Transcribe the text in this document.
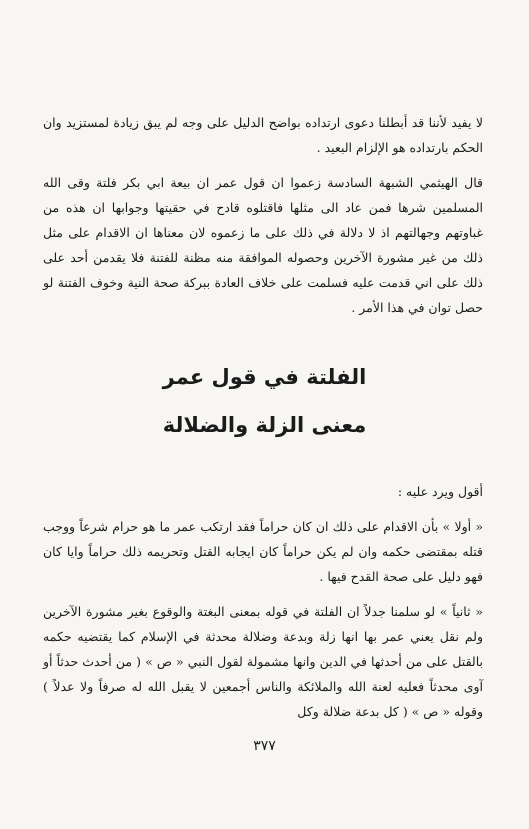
لا يفيد لأننا قد أبطلنا دعوى ارتداده بواضح الدليل على وجه لم يبق زيادة لمستزيد وان الحكم بارتداده هو الإلزام البعيد .

قال الهيثمي الشبهة السادسة زعموا ان قول عمر ان بيعة ابي بكر فلتة وقى الله المسلمين شرها فمن عاد الى مثلها فاقتلوه قادح في حقيتها وجوابها ان هذه من غباوتهم وجهالتهم اذ لا دلالة في ذلك على ما زعموه لان معناها ان الاقدام على مثل ذلك من غير مشورة الآخرين وحصوله الموافقة منه مظنة للفتنة فلا يقدمن أحد على ذلك على اني قدمت عليه فسلمت على خلاف العادة ببركة صحة النية وخوف الفتنة لو حصل توان في هذا الأمر .

الفلتة في قول عمر
معنى الزلة والضلالة

أقول ويرد عليه :

« أولا » بأن الاقدام على ذلك ان كان حراماً فقد ارتكب عمر ما هو حرام شرعاً ووجب قتله بمقتضى حكمه وان لم يكن حراماً كان ايجابه القتل وتحريمه ذلك حراماً وايا كان فهو دليل على صحة القدح فيها .

« ثانياً » لو سلمنا جدلاً ان الفلتة في قوله بمعنى البغتة والوقوع بغير مشورة الآخرين ولم نقل يعني عمر بها انها زلة وبدعة وضلالة محدثة في الإسلام كما يقتضيه حكمه بالقتل على من أحدثها في الدين وانها مشمولة لقول النبي « ص » ( من أحدث حدثاً أو آوى محدثاً فعليه لعنة الله والملائكة والناس أجمعين لا يقبل الله له صرفاً ولا عدلاً ) وقوله « ص » ( كل بدعة ضلالة وكل

٣٧٧
